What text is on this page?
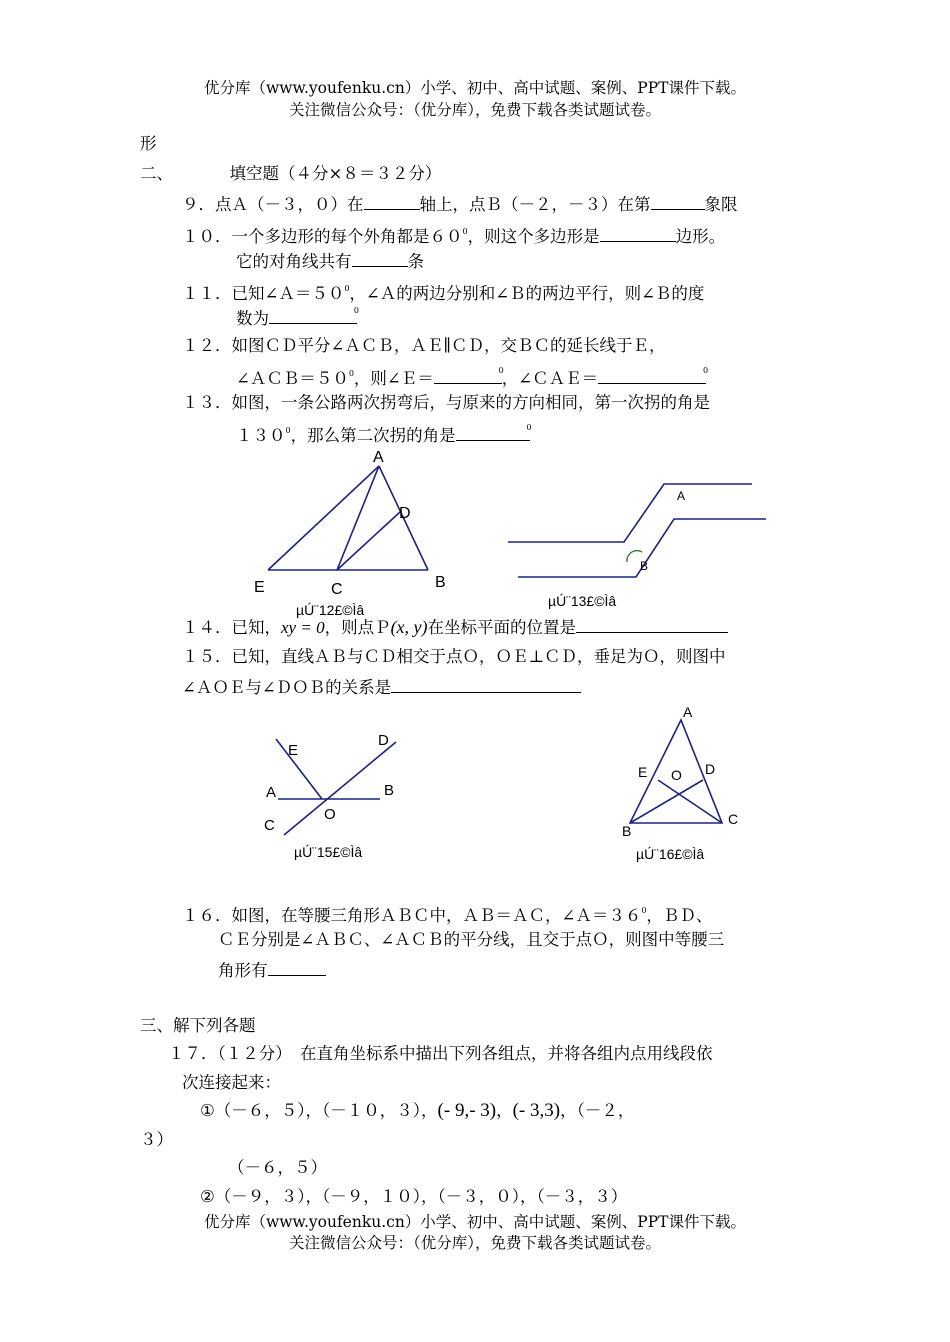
优分库（www.youfenku.cn）小学、初中、高中试题、案例、PPT课件下载。
关注微信公众号：（优分库），免费下载各类试题试卷。
形
二、	填空题（４分×８＝３２分）
９．点Ａ（－３，０）在	轴上，点Ｂ（－２，－３）在第	象限
１０．一个多边形的每个外角都是$60^0$，则这个多边形是	边形。
它的对角线共有	条
１１．已知$\angle A=50^0$，∠Ａ的两边分别和∠Ｂ的两边平行，则∠Ｂ的度
数为	0
１２．如图ＣＤ平分∠ＡＣＢ，ＡＥ∥ＣＤ，交ＢＣ的延长线于Ｅ，
$\angle ACB=50^0$，则∠Ｅ＝	0
，∠ＣＡＥ＝	0
１３．如图，一条公路两次拐弯后，与原来的方向相同，第一次拐的角是
$130^0$，那么第二次拐的角是	0
A
D
E	C	B
µÚ¨12£©Ìâ
A
B
µÚ¨13£©Ìâ
１４．已知，xy = 0，则点Ｐ(x, y)在坐标平面的位置是
１５．已知，直线ＡＢ与ＣＤ相交于点Ｏ，ＯＥ⊥ＣＤ，垂足为Ｏ，则图中
∠ＡＯＥ与∠ＤＯＢ的关系是
E
D
A	B
C
O
µÚ¨15£©Ìâ
A
E O D
B
C
µÚ¨16£©Ìâ
１６．如图，在等腰三角形ＡＢＣ中，ＡＢ＝ＡＣ，$\angle A=36^0$，ＢＤ、
ＣＥ分别是∠ＡＢＣ、∠ＡＣＢ的平分线，且交于点Ｏ，则图中等腰三
角形有
三、解下列各题
１７．（１２分）　在直角坐标系中描出下列各组点，并将各组内点用线段依
次连接起来：
①（－６，５），（－１０，３），(- 9,- 3)，(- 3,3)，（－２，
３）
（－６，５）
②（－９，３），（－９，１０），（－３，０），（－３，３）
优分库（www.youfenku.cn）小学、初中、高中试题、案例、PPT课件下载。
关注微信公众号：（优分库），免费下载各类试题试卷。
